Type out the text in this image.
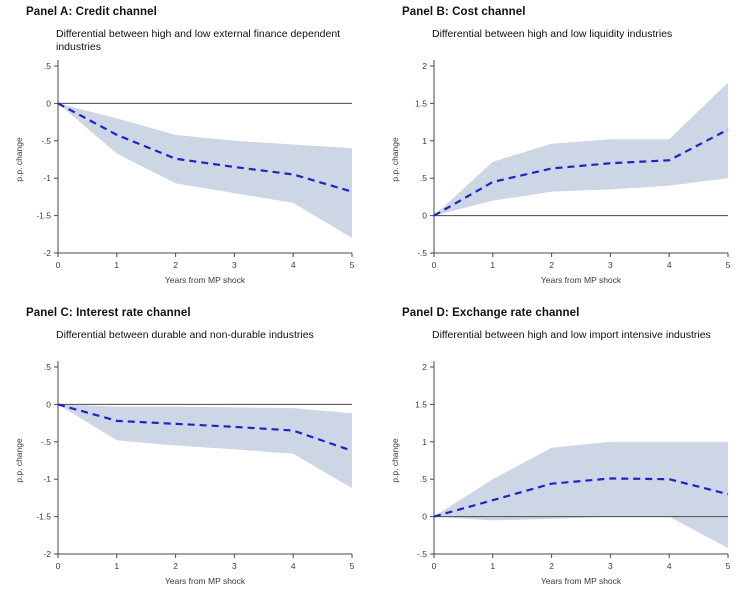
Panel A: Credit channel
Differential between high and low external finance dependent industries
-2
-1.5
-1
-.5
0
.5
0	1	2	3	4	5
Years from MP shock
p.p. change
Panel B: Cost channel
Differential between high and low liquidity industries
-.5
0
.5
1
1.5
2
0	1	2	3	4	5
Years from MP shock
p.p. change
Panel C: Interest rate channel
Differential between durable and non-durable industries
-2
-1.5
-1
-.5
0
.5
0	1	2	3	4	5
Years from MP shock
p.p. change
Panel D: Exchange rate channel
Differential between high and low import intensive industries
-.5
0
.5
1
1.5
2
0	1	2	3	4	5
Years from MP shock
p.p. change
